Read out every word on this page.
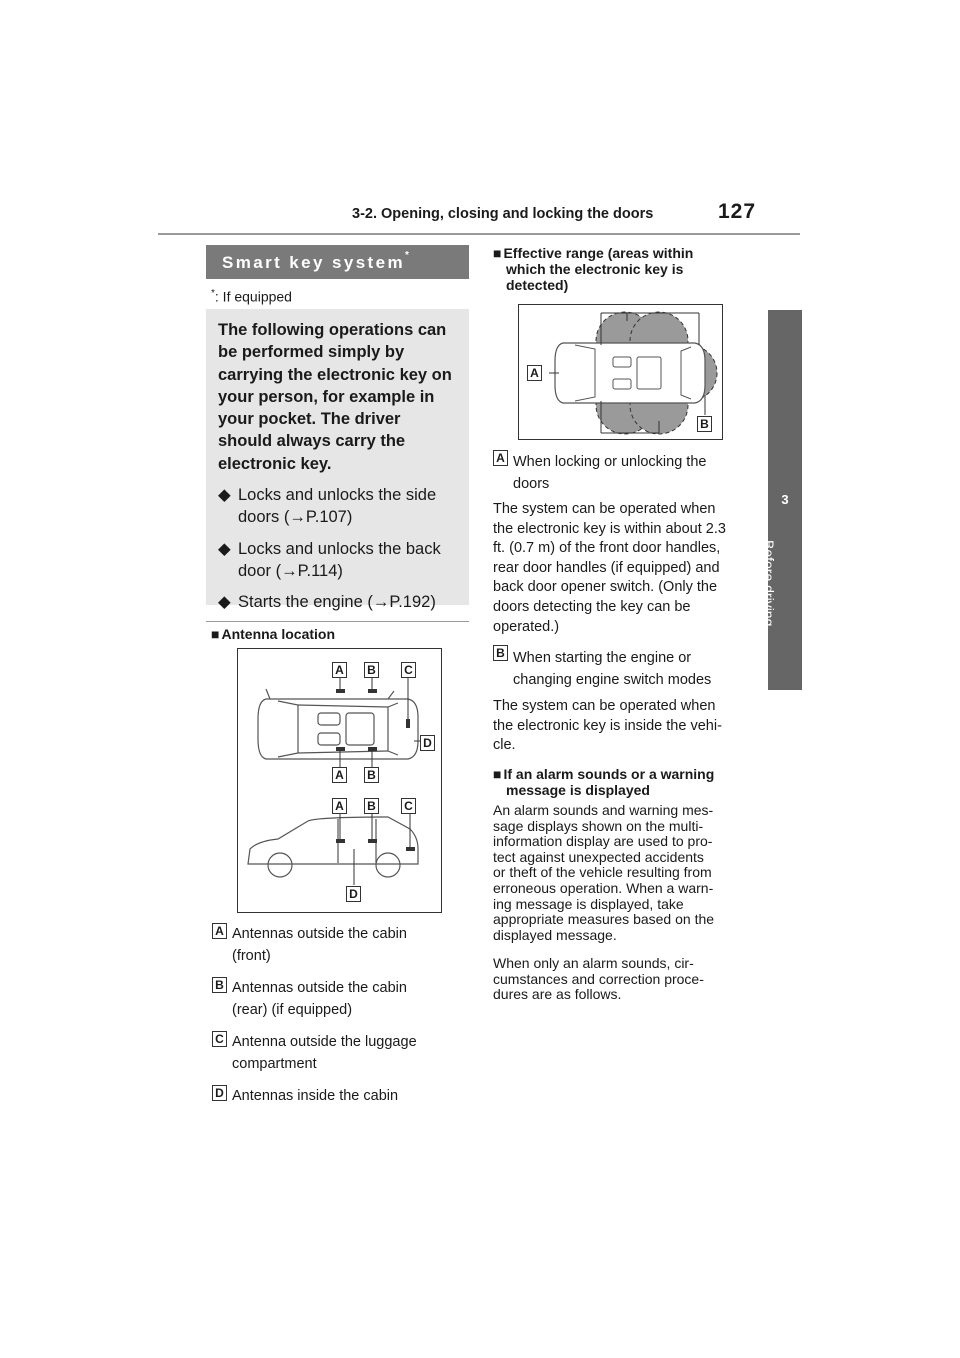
3-2. Opening, closing and locking the doors	127
3
Before driving
Smart key system*
*: If equipped
The following operations can be performed simply by carrying the electronic key on your person, for example in your pocket. The driver should always carry the electronic key.
◆ Locks and unlocks the side doors (→P.107)
◆ Locks and unlocks the back door (→P.114)
◆ Starts the engine (→P.192)
■ Antenna location
A B C
D
A B
A B C
D
A Antennas outside the cabin
(front)
B Antennas outside the cabin
(rear) (if equipped)
C Antenna outside the luggage
compartment
D Antennas inside the cabin
■ Effective range (areas within
which the electronic key is
detected)
A
B
A When locking or unlocking the
doors
The system can be operated when
the electronic key is within about 2.3
ft. (0.7 m) of the front door handles,
rear door handles (if equipped) and
back door opener switch. (Only the
doors detecting the key can be
operated.)
B When starting the engine or
changing engine switch modes
The system can be operated when
the electronic key is inside the vehi-
cle.
■ If an alarm sounds or a warning
message is displayed
An alarm sounds and warning mes-
sage displays shown on the multi-
information display are used to pro-
tect against unexpected accidents
or theft of the vehicle resulting from
erroneous operation. When a warn-
ing message is displayed, take
appropriate measures based on the
displayed message.
When only an alarm sounds, cir-
cumstances and correction proce-
dures are as follows.
